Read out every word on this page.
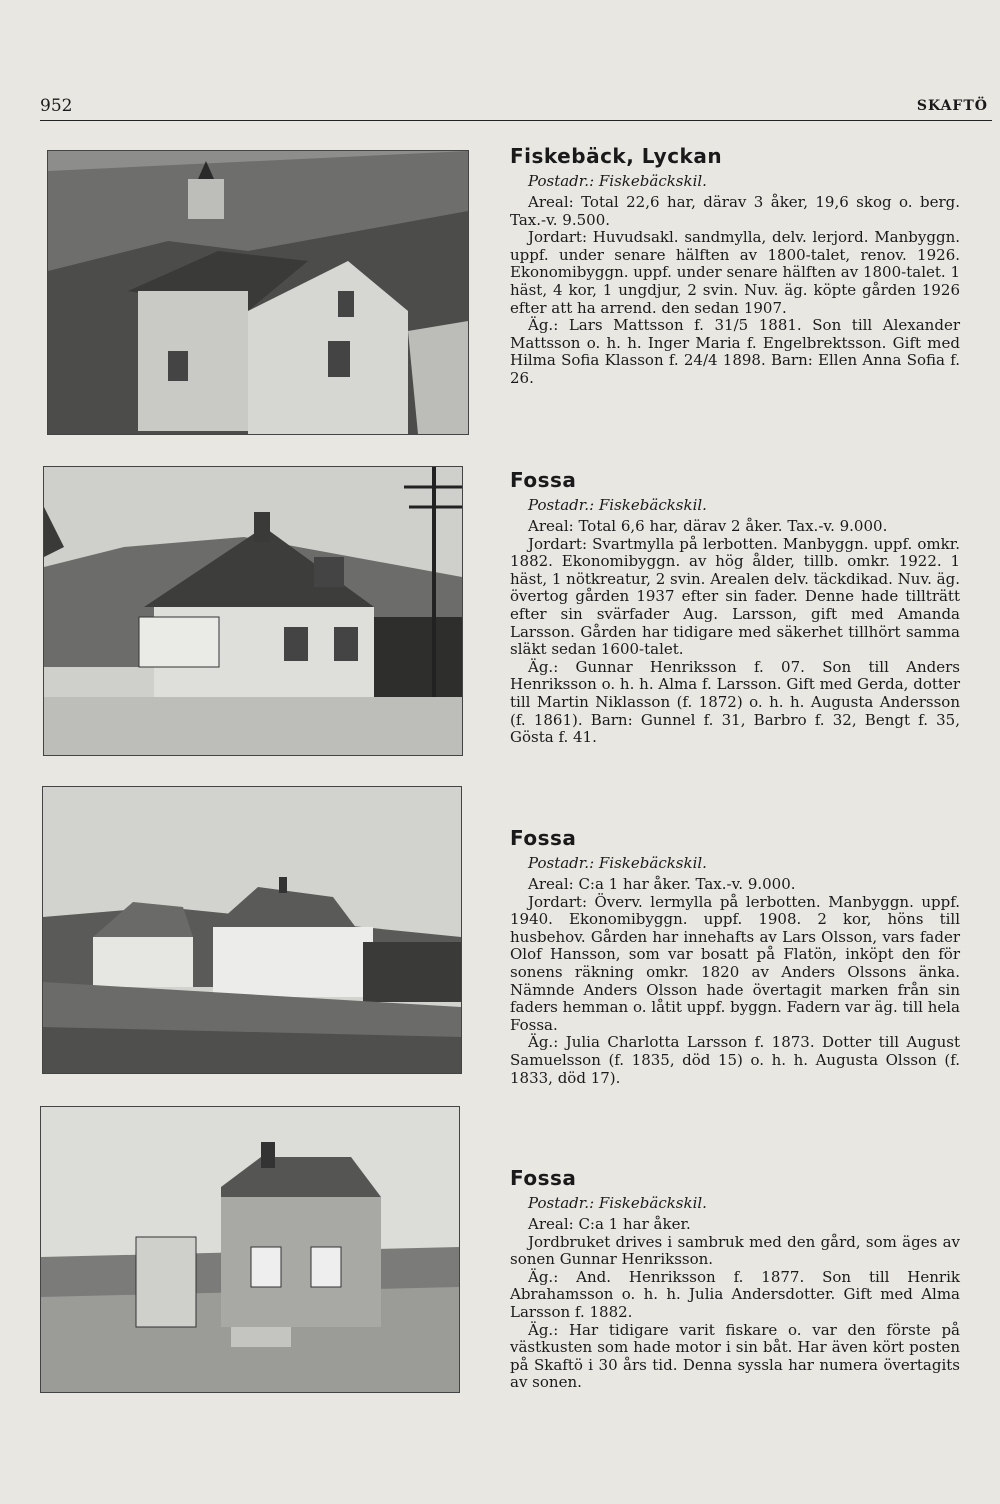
952	SKAFTÖ
Fiskebäck, Lyckan
Postadr.: Fiskebäckskil.

Areal: Total 22,6 har, därav 3 åker, 19,6 skog o. berg. Tax.-v. 9.500.

Jordart: Huvudsakl. sandmylla, delv. lerjord. Manbyggn. uppf. under senare hälften av 1800-talet, renov. 1926. Ekonomibyggn. uppf. under senare hälften av 1800-talet. 1 häst, 4 kor, 1 ungdjur, 2 svin. Nuv. äg. köpte gården 1926 efter att ha arrend. den sedan 1907.

Äg.: Lars Mattsson f. 31/5 1881. Son till Alexander Mattsson o. h. h. Inger Maria f. Engelbrektsson. Gift med Hilma Sofia Klasson f. 24/4 1898. Barn: Ellen Anna Sofia f. 26.

Fossa
Postadr.: Fiskebäckskil.

Areal: Total 6,6 har, därav 2 åker. Tax.-v. 9.000.

Jordart: Svartmylla på lerbotten. Manbyggn. uppf. omkr. 1882. Ekonomibyggn. av hög ålder, tillb. omkr. 1922. 1 häst, 1 nötkreatur, 2 svin. Arealen delv. täckdikad. Nuv. äg. övertog gården 1937 efter sin fader. Denne hade tillträtt efter sin svärfader Aug. Larsson, gift med Amanda Larsson. Gården har tidigare med säkerhet tillhört samma släkt sedan 1600-talet.

Äg.: Gunnar Henriksson f. 07. Son till Anders Henriksson o. h. h. Alma f. Larsson. Gift med Gerda, dotter till Martin Niklasson (f. 1872) o. h. h. Augusta Andersson (f. 1861). Barn: Gunnel f. 31, Barbro f. 32, Bengt f. 35, Gösta f. 41.

Fossa
Postadr.: Fiskebäckskil.

Areal: C:a 1 har åker. Tax.-v. 9.000.

Jordart: Överv. lermylla på lerbotten. Manbyggn. uppf. 1940. Ekonomibyggn. uppf. 1908. 2 kor, höns till husbehov. Gården har innehafts av Lars Olsson, vars fader Olof Hansson, som var bosatt på Flatön, inköpt den för sonens räkning omkr. 1820 av Anders Olssons änka. Nämnde Anders Olsson hade övertagit marken från sin faders hemman o. låtit uppf. byggn. Fadern var äg. till hela Fossa.

Äg.: Julia Charlotta Larsson f. 1873. Dotter till August Samuelsson (f. 1835, död 15) o. h. h. Augusta Olsson (f. 1833, död 17).

Fossa
Postadr.: Fiskebäckskil.

Areal: C:a 1 har åker.

Jordbruket drives i sambruk med den gård, som äges av sonen Gunnar Henriksson.

Äg.: And. Henriksson f. 1877. Son till Henrik Abrahamsson o. h. h. Julia Andersdotter. Gift med Alma Larsson f. 1882.

Äg.: Har tidigare varit fiskare o. var den förste på västkusten som hade motor i sin båt. Har även kört posten på Skaftö i 30 års tid. Denna syssla har numera övertagits av sonen.
